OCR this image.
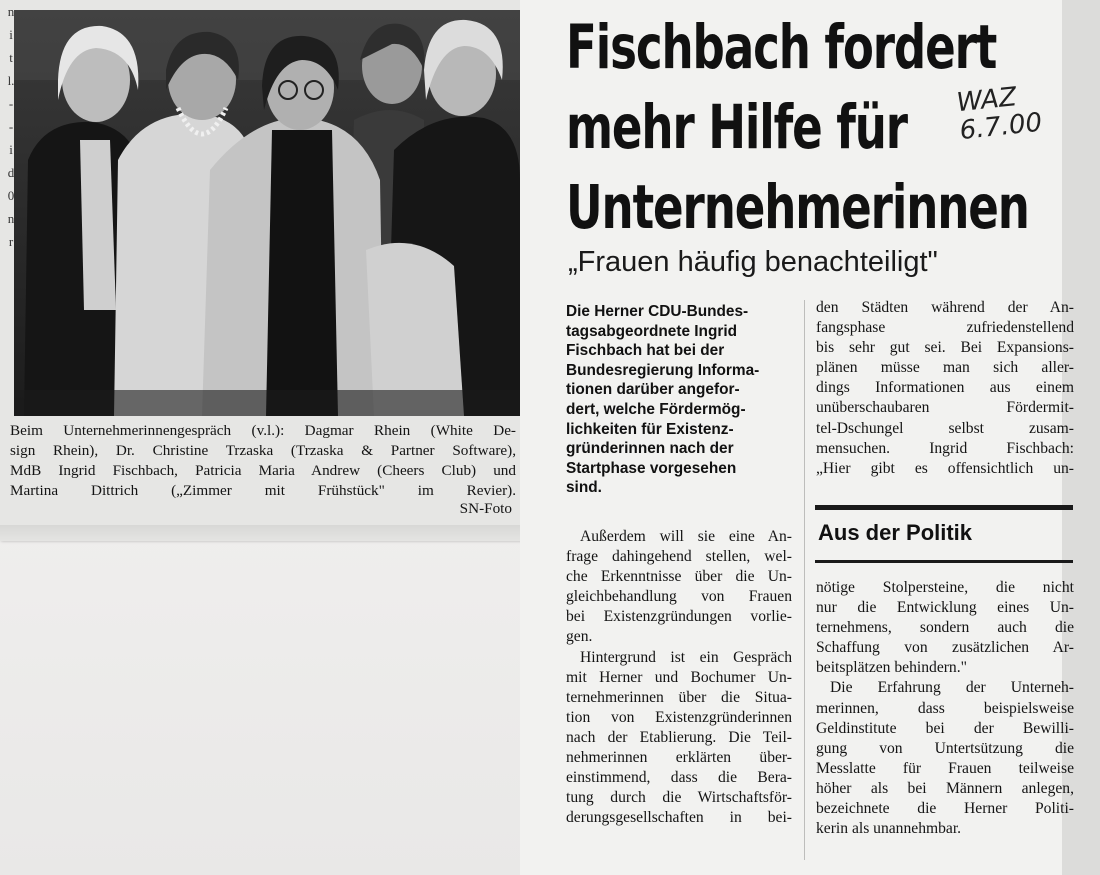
n
i
t
l.
-
-
i
d
0
n
r
Beim Unternehmerinnengespräch (v.l.): Dagmar Rhein (White De-
sign Rhein), Dr. Christine Trzaska (Trzaska & Partner Software),
MdB Ingrid Fischbach, Patricia Maria Andrew (Cheers Club) und
Martina Dittrich („Zimmer mit Frühstück" im Revier).
SN-Foto
Fischbach fordert
mehr Hilfe für
Unternehmerinnen
WAZ
6.7.00
„Frauen häufig benachteiligt"
Die Herner CDU-Bundes-
tagsabgeordnete Ingrid
Fischbach hat bei der
Bundesregierung Informa-
tionen darüber angefor-
dert, welche Fördermög-
lichkeiten für Existenz-
gründerinnen nach der
Startphase vorgesehen
sind.
Außerdem will sie eine An-
frage dahingehend stellen, wel-
che Erkenntnisse über die Un-
gleichbehandlung von Frauen
bei Existenzgründungen vorlie-
gen.
Hintergrund ist ein Gespräch
mit Herner und Bochumer Un-
ternehmerinnen über die Situa-
tion von Existenzgründerinnen
nach der Etablierung. Die Teil-
nehmerinnen erklärten über-
einstimmend, dass die Bera-
tung durch die Wirtschaftsför-
derungsgesellschaften in bei-
den Städten während der An-
fangsphase zufriedenstellend
bis sehr gut sei. Bei Expansions-
plänen müsse man sich aller-
dings Informationen aus einem
unüberschaubaren Fördermit-
tel-Dschungel selbst zusam-
mensuchen. Ingrid Fischbach:
„Hier gibt es offensichtlich un-
Aus der Politik
nötige Stolpersteine, die nicht
nur die Entwicklung eines Un-
ternehmens, sondern auch die
Schaffung von zusätzlichen Ar-
beitsplätzen behindern."
Die Erfahrung der Unterneh-
merinnen, dass beispielsweise
Geldinstitute bei der Bewilli-
gung von Untertsützung die
Messlatte für Frauen teilweise
höher als bei Männern anlegen,
bezeichnete die Herner Politi-
kerin als unannehmbar.
